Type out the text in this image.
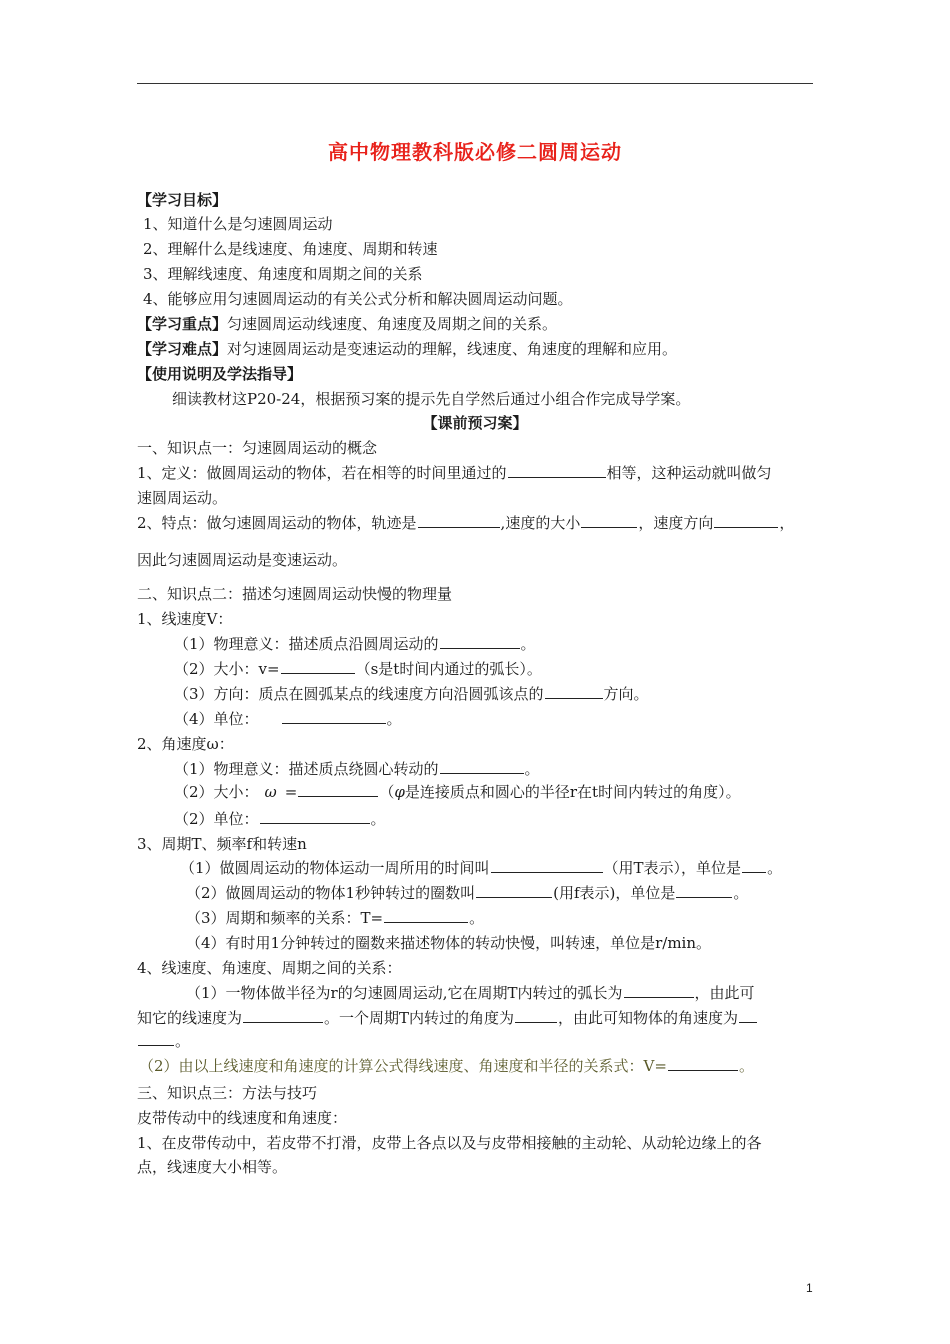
高中物理教科版必修二圆周运动
【学习目标】
1、知道什么是匀速圆周运动
2、理解什么是线速度、角速度、周期和转速
3、理解线速度、角速度和周期之间的关系
4、能够应用匀速圆周运动的有关公式分析和解决圆周运动问题。
【学习重点】匀速圆周运动线速度、角速度及周期之间的关系。
【学习难点】对匀速圆周运动是变速运动的理解，线速度、角速度的理解和应用。
【使用说明及学法指导】
细读教材这P20-24，根据预习案的提示先自学然后通过小组合作完成导学案。
【课前预习案】
一、知识点一：匀速圆周运动的概念
1、定义：做圆周运动的物体，若在相等的时间里通过的	相等，这种运动就叫做匀
速圆周运动。
2、特点：做匀速圆周运动的物体，轨迹是	,速度的大小	，速度方向	，
因此匀速圆周运动是变速运动。
二、知识点二：描述匀速圆周运动快慢的物理量
1、线速度V：
（1）物理意义：描述质点沿圆周运动的	。
（2）大小：v=	（s是t时间内通过的弧长）。
（3）方向：质点在圆弧某点的线速度方向沿圆弧该点的	方向。
（4）单位：	。
2、角速度ω：
（1）物理意义：描述质点绕圆心转动的	。
（2）大小： ω =	（φ是连接质点和圆心的半径r在t时间内转过的角度）。
（2）单位：	。
3、周期T、频率f和转速n
（1）做圆周运动的物体运动一周所用的时间叫	（用T表示），单位是 。
（2）做圆周运动的物体1秒钟转过的圈数叫	(用f表示)，单位是	。
（3）周期和频率的关系：T=	。
（4）有时用1分钟转过的圈数来描述物体的转动快慢，叫转速，单位是r/min。
4、线速度、角速度、周期之间的关系：
（1）一物体做半径为r的匀速圆周运动,它在周期T内转过的弧长为	，由此可
知它的线速度为	。一个周期T内转过的角度为	，由此可知物体的角速度为
。
（2）由以上线速度和角速度的计算公式得线速度、角速度和半径的关系式：V=	。
三、知识点三：方法与技巧
皮带传动中的线速度和角速度：
1、在皮带传动中，若皮带不打滑，皮带上各点以及与皮带相接触的主动轮、从动轮边缘上的各
点，线速度大小相等。
1
